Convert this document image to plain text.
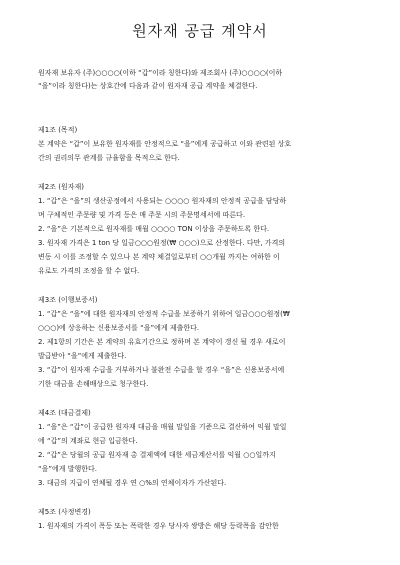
원자재 공급 계약서
원자재 보유자 (주)○○○○(이하 “갑”이라 칭한다)와 제조회사 (주)○○○○(이하
“을”이라 칭한다)는 상호간에 다음과 같이 원자재 공급 계약을 체결한다.
제1조 (목적)
본 계약은 “갑”이 보유한 원자재를 안정적으로 “을”에게 공급하고 이와 관련된 상호
간의 권리의무 관계를 규율함을 목적으로 한다.
제2조 (원자재)
1. “갑”은 “을”의 생산공정에서 사용되는 ○○○○ 원자재의 안정적 공급을 담당하
며 구체적인 주문량 및 가격 등은 매 주문 시의 주문명세서에 따른다.
2. “을”은 기본적으로 원자재를 매월 ○○○○ TON 이상을 주문하도록 한다.
3. 원자재 가격은 1 ton 당 일금○○○원정(₩ ○○○)으로 산정한다. 다만, 가격의
변동 시 이를 조정할 수 있으나 본 계약 체결일로부터 ○○개월 까지는 여하한 이
유로도 가격의 조정을 할 수 없다.
제3조 (이행보증서)
1. “갑”은 “을”에 대한 원자재의 안정적 수급을 보증하기 위하여 일금○○○원정(₩
○○○)에 상응하는 신용보증서를 “을”에게 제출한다.
2. 제1항의 기간은 본 계약의 유효기간으로 정하며 본 계약이 갱신 될 경우 새로이
발급받아 “을”에게 제출한다.
3. “갑”이 원자재 수급을 거부하거나 불완전 수급을 할 경우 “을”은 신용보증서에
기한 대금을 손해배상으로 청구한다.
제4조 (대금결제)
1. “을”은 “갑”이 공급한 원자재 대금을 매월 말일을 기준으로 결산하여 익월 말일
에 “갑”의 계좌로 현금 입금한다.
2. “갑”은 당월의 공급 원자재 총 결제액에 대한 세금계산서를 익월 ○○일까지
“을”에게 발행한다.
3. 대금의 지급이 연체될 경우 연 ○%의 연체이자가 가산된다.
제5조 (사정변경)
1. 원자재의 가격이 폭등 또는 폭락한 경우 당사자 쌍방은 해당 등락폭을 감안한
